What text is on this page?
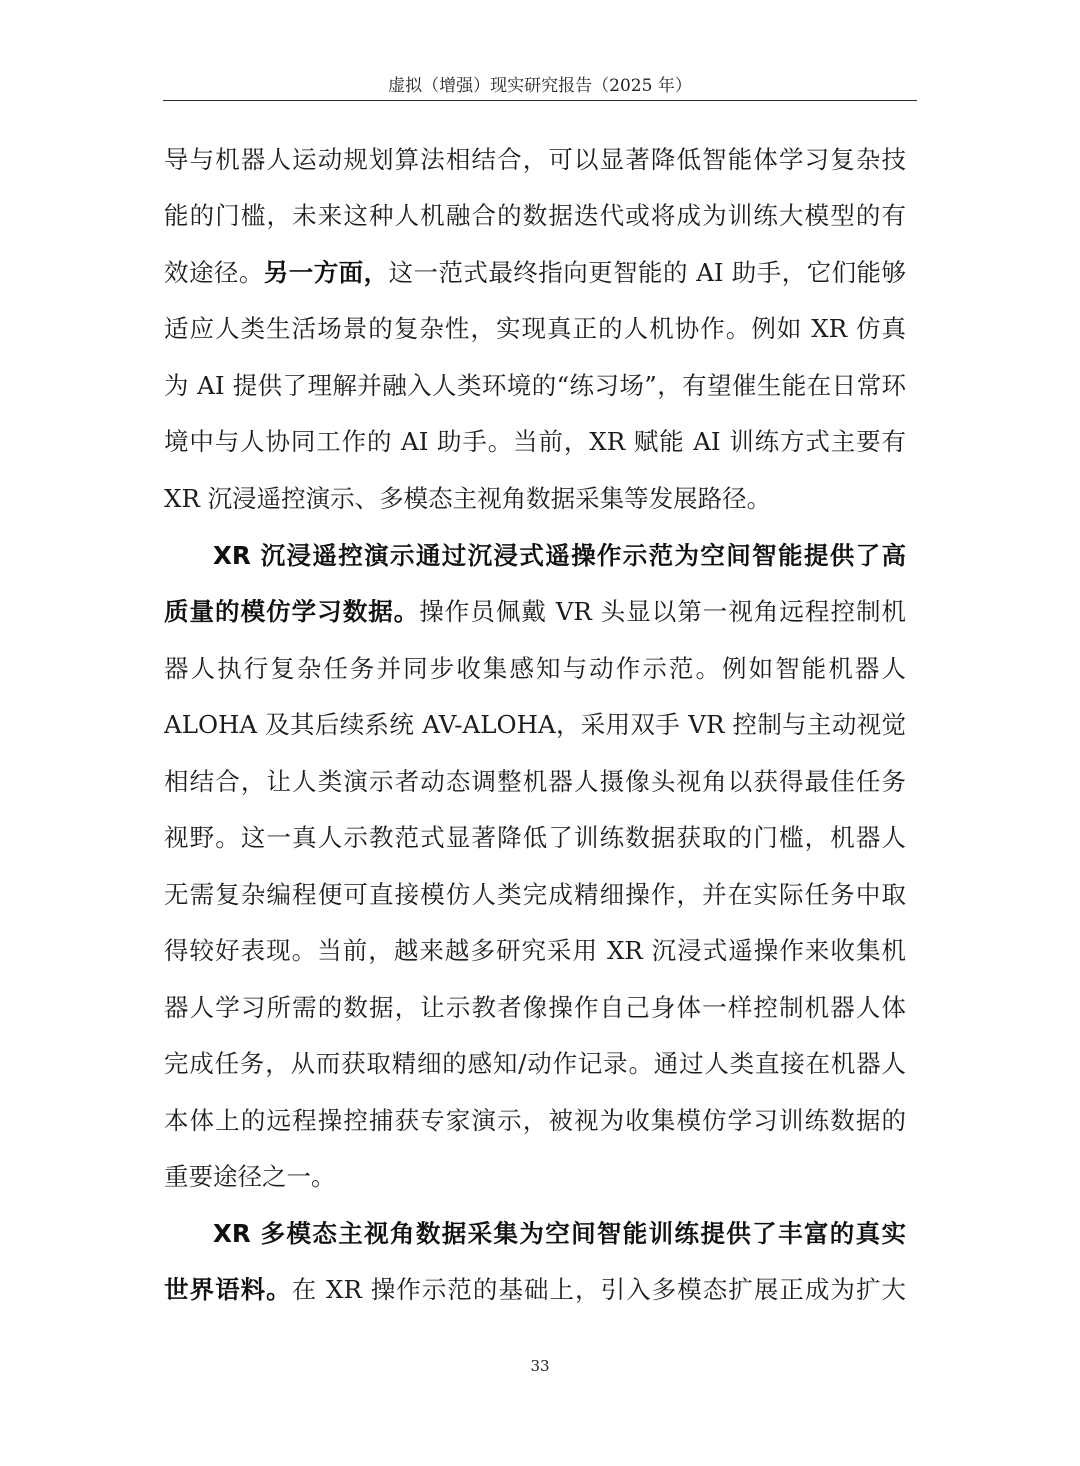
虚拟（增强）现实研究报告（2025 年）
导与机器人运动规划算法相结合，可以显著降低智能体学习复杂技
能的门槛，未来这种人机融合的数据迭代或将成为训练大模型的有
效途径。另一方面，这一范式最终指向更智能的 AI 助手，它们能够
适应人类生活场景的复杂性，实现真正的人机协作。例如 XR 仿真
为 AI 提供了理解并融入人类环境的“练习场”，有望催生能在日常环
境中与人协同工作的 AI 助手。当前，XR 赋能 AI 训练方式主要有
XR 沉浸遥控演示、多模态主视角数据采集等发展路径。
XR 沉浸遥控演示通过沉浸式遥操作示范为空间智能提供了高
质量的模仿学习数据。操作员佩戴 VR 头显以第一视角远程控制机
器人执行复杂任务并同步收集感知与动作示范。例如智能机器人
ALOHA 及其后续系统 AV-ALOHA，采用双手 VR 控制与主动视觉
相结合，让人类演示者动态调整机器人摄像头视角以获得最佳任务
视野。这一真人示教范式显著降低了训练数据获取的门槛，机器人
无需复杂编程便可直接模仿人类完成精细操作，并在实际任务中取
得较好表现。当前，越来越多研究采用 XR 沉浸式遥操作来收集机
器人学习所需的数据，让示教者像操作自己身体一样控制机器人体
完成任务，从而获取精细的感知/动作记录。通过人类直接在机器人
本体上的远程操控捕获专家演示，被视为收集模仿学习训练数据的
重要途径之一。
XR 多模态主视角数据采集为空间智能训练提供了丰富的真实
世界语料。在 XR 操作示范的基础上，引入多模态扩展正成为扩大
33
